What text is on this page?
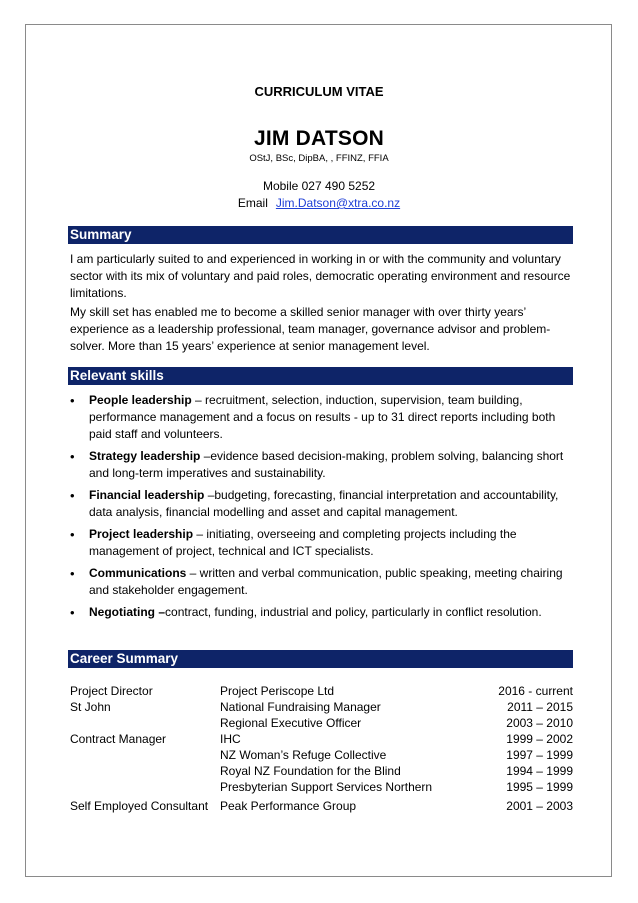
CURRICULUM VITAE
JIM DATSON
OStJ, BSc, DipBA, , FFINZ, FFIA
Mobile 027 490 5252
Email Jim.Datson@xtra.co.nz
Summary
I am particularly suited to and experienced in working in or with the community and voluntary sector with its mix of voluntary and paid roles, democratic operating environment and resource limitations.
My skill set has enabled me to become a skilled senior manager with over thirty years’ experience as a leadership professional, team manager, governance advisor and problem-solver. More than 15 years’ experience at senior management level.
Relevant skills
• People leadership – recruitment, selection, induction, supervision, team building, performance management and a focus on results - up to 31 direct reports including both paid staff and volunteers.
• Strategy leadership –evidence based decision-making, problem solving, balancing short and long-term imperatives and sustainability.
• Financial leadership –budgeting, forecasting, financial interpretation and accountability, data analysis, financial modelling and asset and capital management.
• Project leadership – initiating, overseeing and completing projects including the management of project, technical and ICT specialists.
• Communications – written and verbal communication, public speaking, meeting chairing and stakeholder engagement.
• Negotiating –contract, funding, industrial and policy, particularly in conflict resolution.
Career Summary
Project Director	Project Periscope Ltd	2016 - current
St John	National Fundraising Manager	2011 – 2015
	Regional Executive Officer	2003 – 2010
Contract Manager	IHC	1999 – 2002
	NZ Woman’s Refuge Collective	1997 – 1999
	Royal NZ Foundation for the Blind	1994 – 1999
	Presbyterian Support Services Northern	1995 – 1999
Self Employed Consultant	Peak Performance Group	2001 – 2003
